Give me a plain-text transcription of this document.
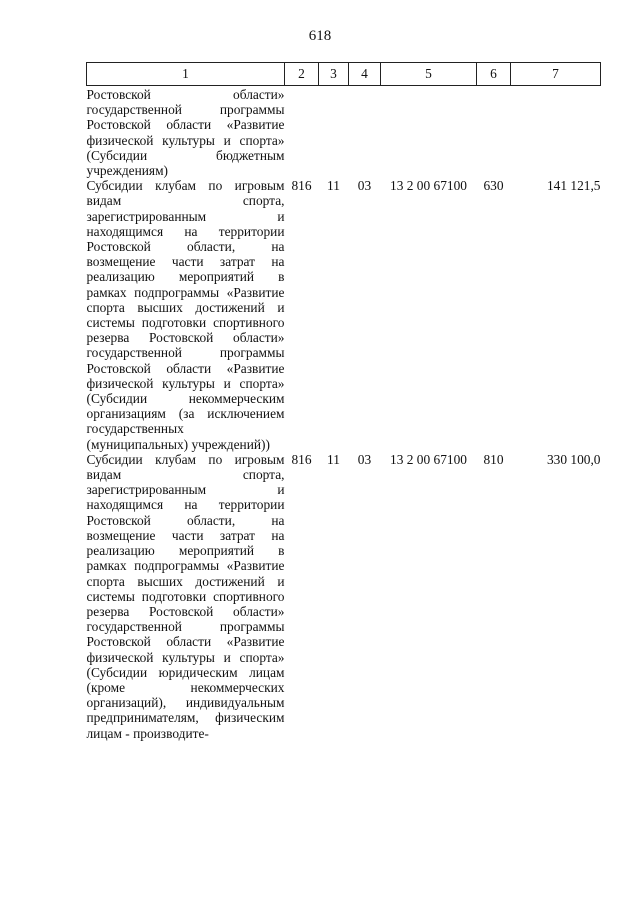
618
1	2	3	4	5	6	7
Ростовской области» государственной программы Ростовской области «Развитие физической культуры и спорта» (Субсидии бюджетным учреждениям)						
Субсидии клубам по игровым видам спорта, зарегистрированным и находящимся на территории Ростовской области, на возмещение части затрат на реализацию мероприятий в рамках подпрограммы «Развитие спорта высших достижений и системы подготовки спортивного резерва Ростовской области» государственной программы Ростовской области «Развитие физической культуры и спорта» (Субсидии некоммерческим организациям (за исключением государственных (муниципальных) учреждений))	816	11	03	13 2 00 67100	630	141 121,5
Субсидии клубам по игровым видам спорта, зарегистрированным и находящимся на территории Ростовской области, на возмещение части затрат на реализацию мероприятий в рамках подпрограммы «Развитие спорта высших достижений и системы подготовки спортивного резерва Ростовской области» государственной программы Ростовской области «Развитие физической культуры и спорта» (Субсидии юридическим лицам (кроме некоммерческих организаций), индивидуальным предпринимателям, физическим лицам - производите-	816	11	03	13 2 00 67100	810	330 100,0
